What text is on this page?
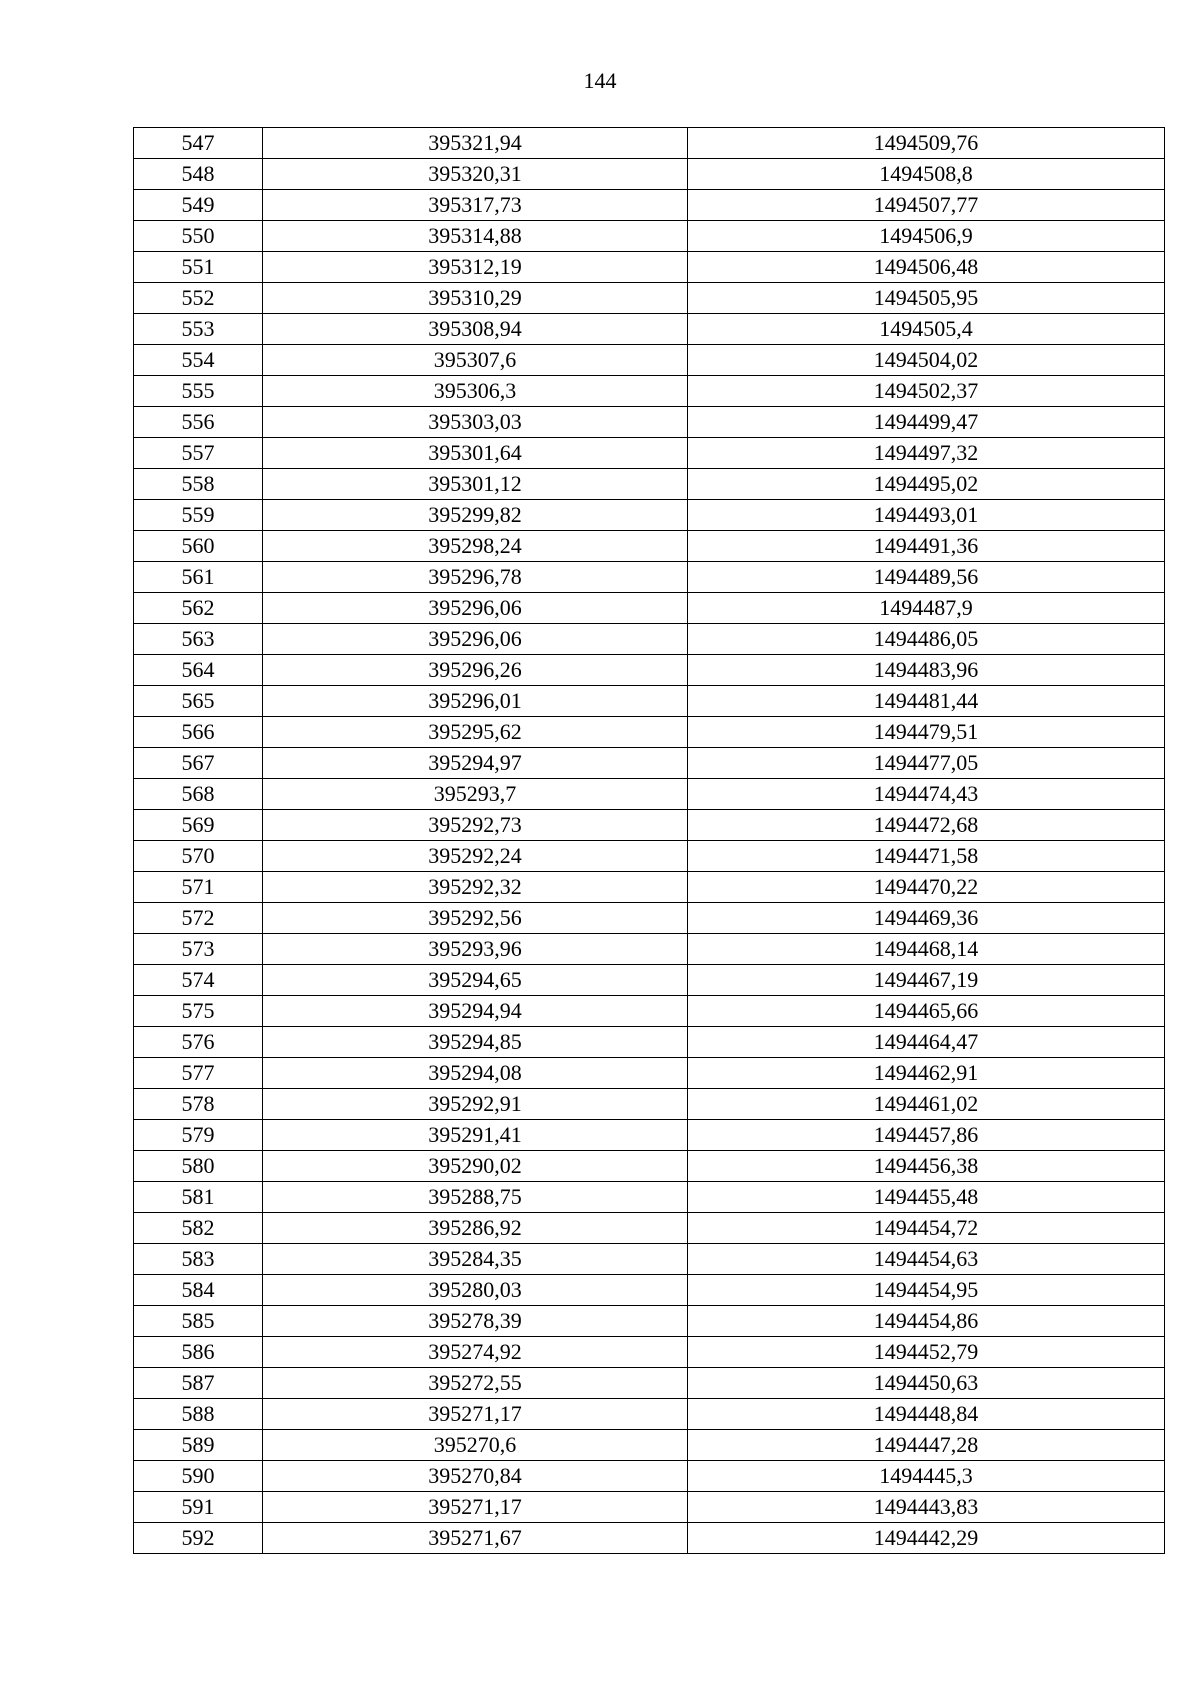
144
547	395321,94	1494509,76
548	395320,31	1494508,8
549	395317,73	1494507,77
550	395314,88	1494506,9
551	395312,19	1494506,48
552	395310,29	1494505,95
553	395308,94	1494505,4
554	395307,6	1494504,02
555	395306,3	1494502,37
556	395303,03	1494499,47
557	395301,64	1494497,32
558	395301,12	1494495,02
559	395299,82	1494493,01
560	395298,24	1494491,36
561	395296,78	1494489,56
562	395296,06	1494487,9
563	395296,06	1494486,05
564	395296,26	1494483,96
565	395296,01	1494481,44
566	395295,62	1494479,51
567	395294,97	1494477,05
568	395293,7	1494474,43
569	395292,73	1494472,68
570	395292,24	1494471,58
571	395292,32	1494470,22
572	395292,56	1494469,36
573	395293,96	1494468,14
574	395294,65	1494467,19
575	395294,94	1494465,66
576	395294,85	1494464,47
577	395294,08	1494462,91
578	395292,91	1494461,02
579	395291,41	1494457,86
580	395290,02	1494456,38
581	395288,75	1494455,48
582	395286,92	1494454,72
583	395284,35	1494454,63
584	395280,03	1494454,95
585	395278,39	1494454,86
586	395274,92	1494452,79
587	395272,55	1494450,63
588	395271,17	1494448,84
589	395270,6	1494447,28
590	395270,84	1494445,3
591	395271,17	1494443,83
592	395271,67	1494442,29
